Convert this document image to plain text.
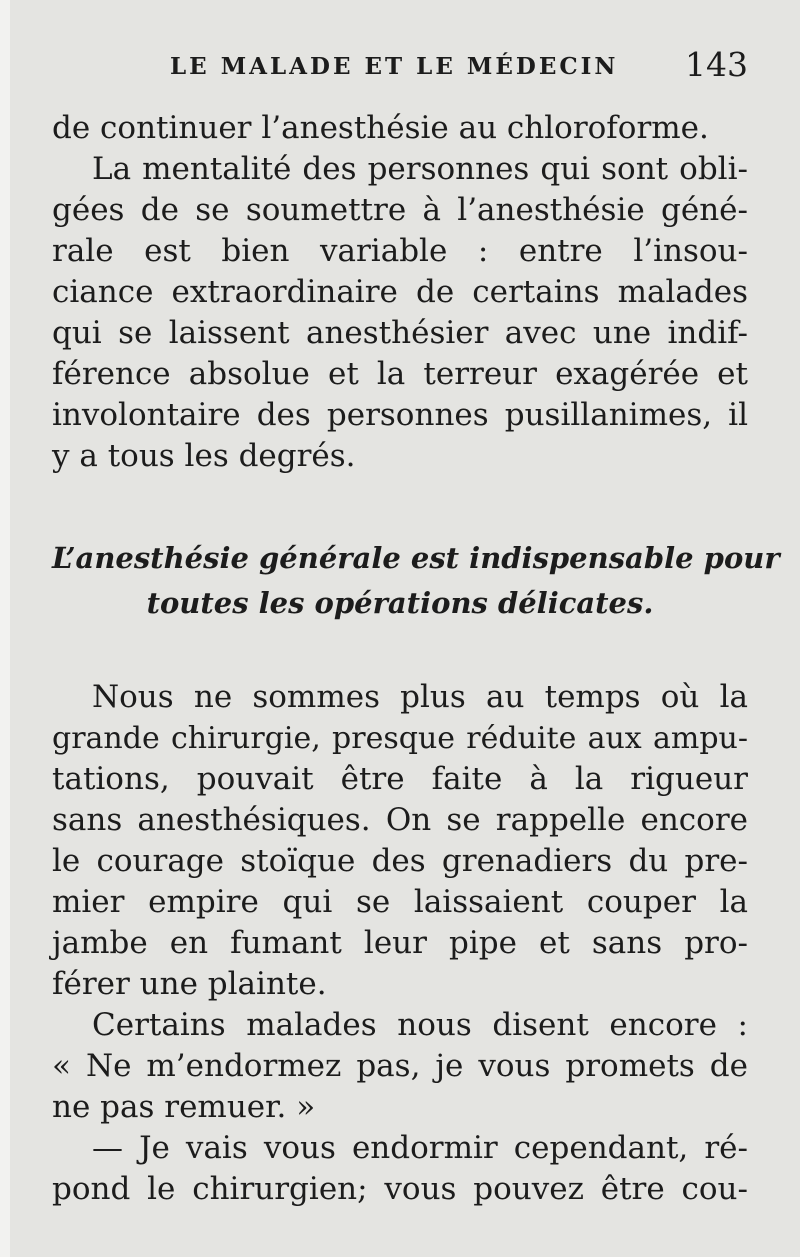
LE MALADE ET LE MÉDECIN 143

de continuer l’anesthésie au chloroforme.

La mentalité des personnes qui sont obli-
gées de se soumettre à l’anesthésie géné-
rale est bien variable : entre l’insou-
ciance extraordinaire de certains malades
qui se laissent anesthésier avec une indif-
férence absolue et la terreur exagérée et
involontaire des personnes pusillanimes, il
y a tous les degrés.

L’anesthésie générale est indispensable pour
toutes les opérations délicates.

Nous ne sommes plus au temps où la
grande chirurgie, presque réduite aux ampu-
tations, pouvait être faite à la rigueur
sans anesthésiques. On se rappelle encore
le courage stoïque des grenadiers du pre-
mier empire qui se laissaient couper la
jambe en fumant leur pipe et sans pro-
férer une plainte.

Certains malades nous disent encore :
« Ne m’endormez pas, je vous promets de
ne pas remuer. »

— Je vais vous endormir cependant, ré-
pond le chirurgien; vous pouvez être cou-
